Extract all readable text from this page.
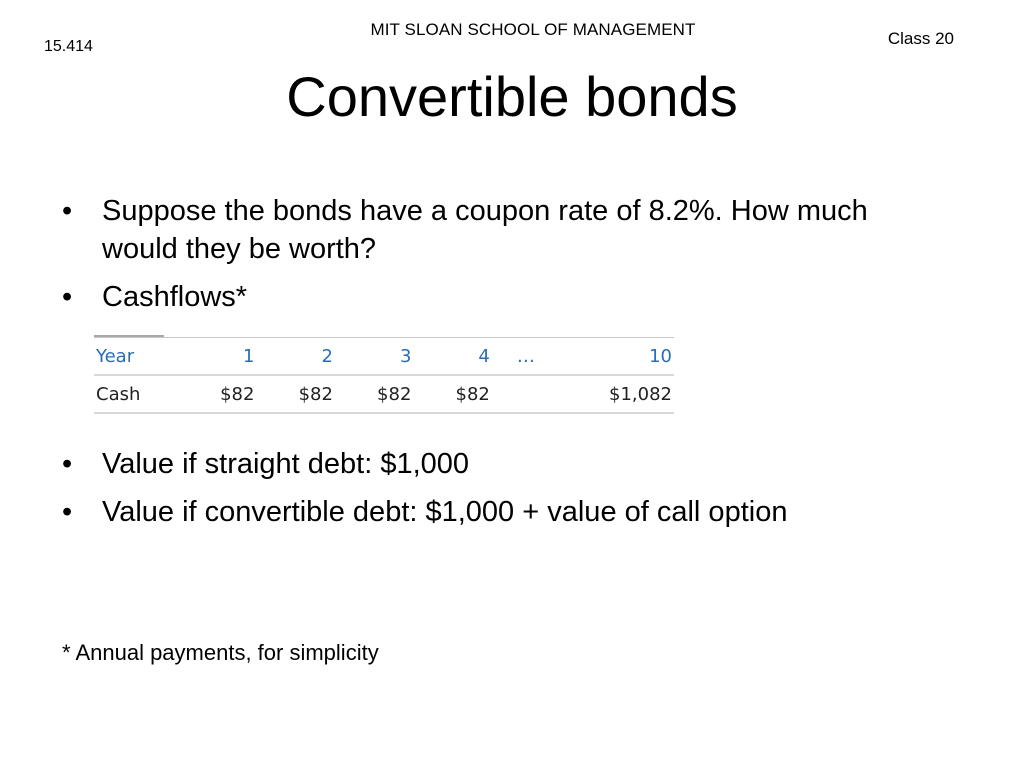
MIT SLOAN SCHOOL OF MANAGEMENT
15.414	Class 20
Convertible bonds
• Suppose the bonds have a coupon rate of 8.2%. How much would they be worth?
• Cashflows*
Year	1	2	3	4	…	10
Cash	$82	$82	$82	$82		$1,082
• Value if straight debt: $1,000
• Value if convertible debt: $1,000 + value of call option
* Annual payments, for simplicity
